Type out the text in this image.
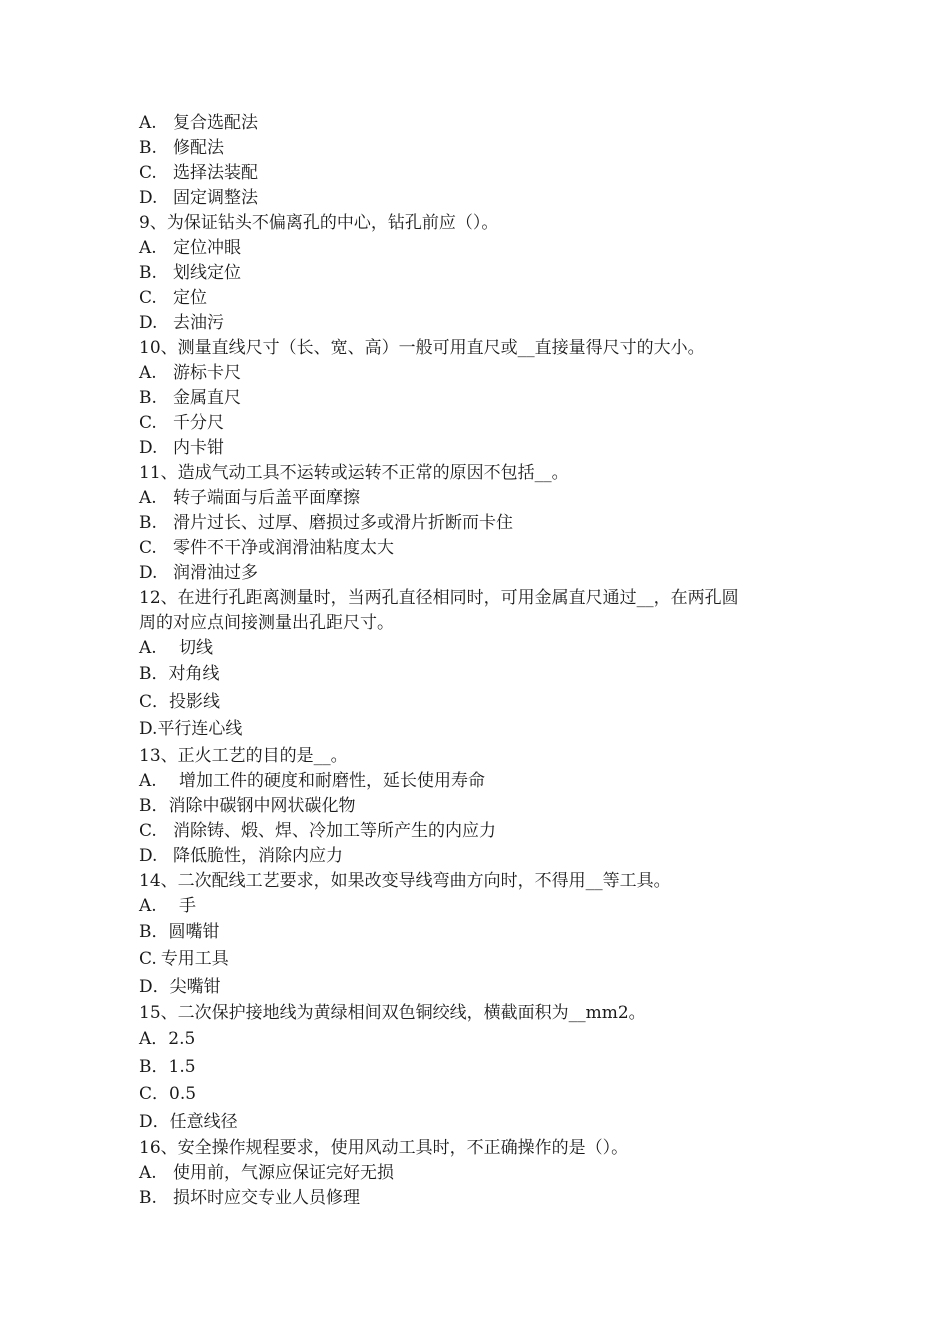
A. 复合选配法
B. 修配法
C. 选择法装配
D. 固定调整法
9、为保证钻头不偏离孔的中心，钻孔前应（）。
A. 定位冲眼
B. 划线定位
C. 定位
D. 去油污
10、测量直线尺寸（长、宽、高）一般可用直尺或__直接量得尺寸的大小。
A. 游标卡尺
B. 金属直尺
C. 千分尺
D. 内卡钳
11、造成气动工具不运转或运转不正常的原因不包括__。
A. 转子端面与后盖平面摩擦
B. 滑片过长、过厚、磨损过多或滑片折断而卡住
C. 零件不干净或润滑油粘度太大
D. 润滑油过多
12、在进行孔距离测量时，当两孔直径相同时，可用金属直尺通过__，在两孔圆
周的对应点间接测量出孔距尺寸。
A. 切线
B．对角线
C．投影线
D.平行连心线
13、正火工艺的目的是__。
A. 增加工件的硬度和耐磨性，延长使用寿命
B．消除中碳钢中网状碳化物
C. 消除铸、煅、焊、冷加工等所产生的内应力
D. 降低脆性，消除内应力
14、二次配线工艺要求，如果改变导线弯曲方向时，不得用__等工具。
A. 手
B．圆嘴钳
C. 专用工具
D．尖嘴钳
15、二次保护接地线为黄绿相间双色铜绞线，横截面积为__mm2。
A．2.5
B．1.5
C．0.5
D．任意线径
16、安全操作规程要求，使用风动工具时，不正确操作的是（）。
A. 使用前，气源应保证完好无损
B. 损坏时应交专业人员修理
